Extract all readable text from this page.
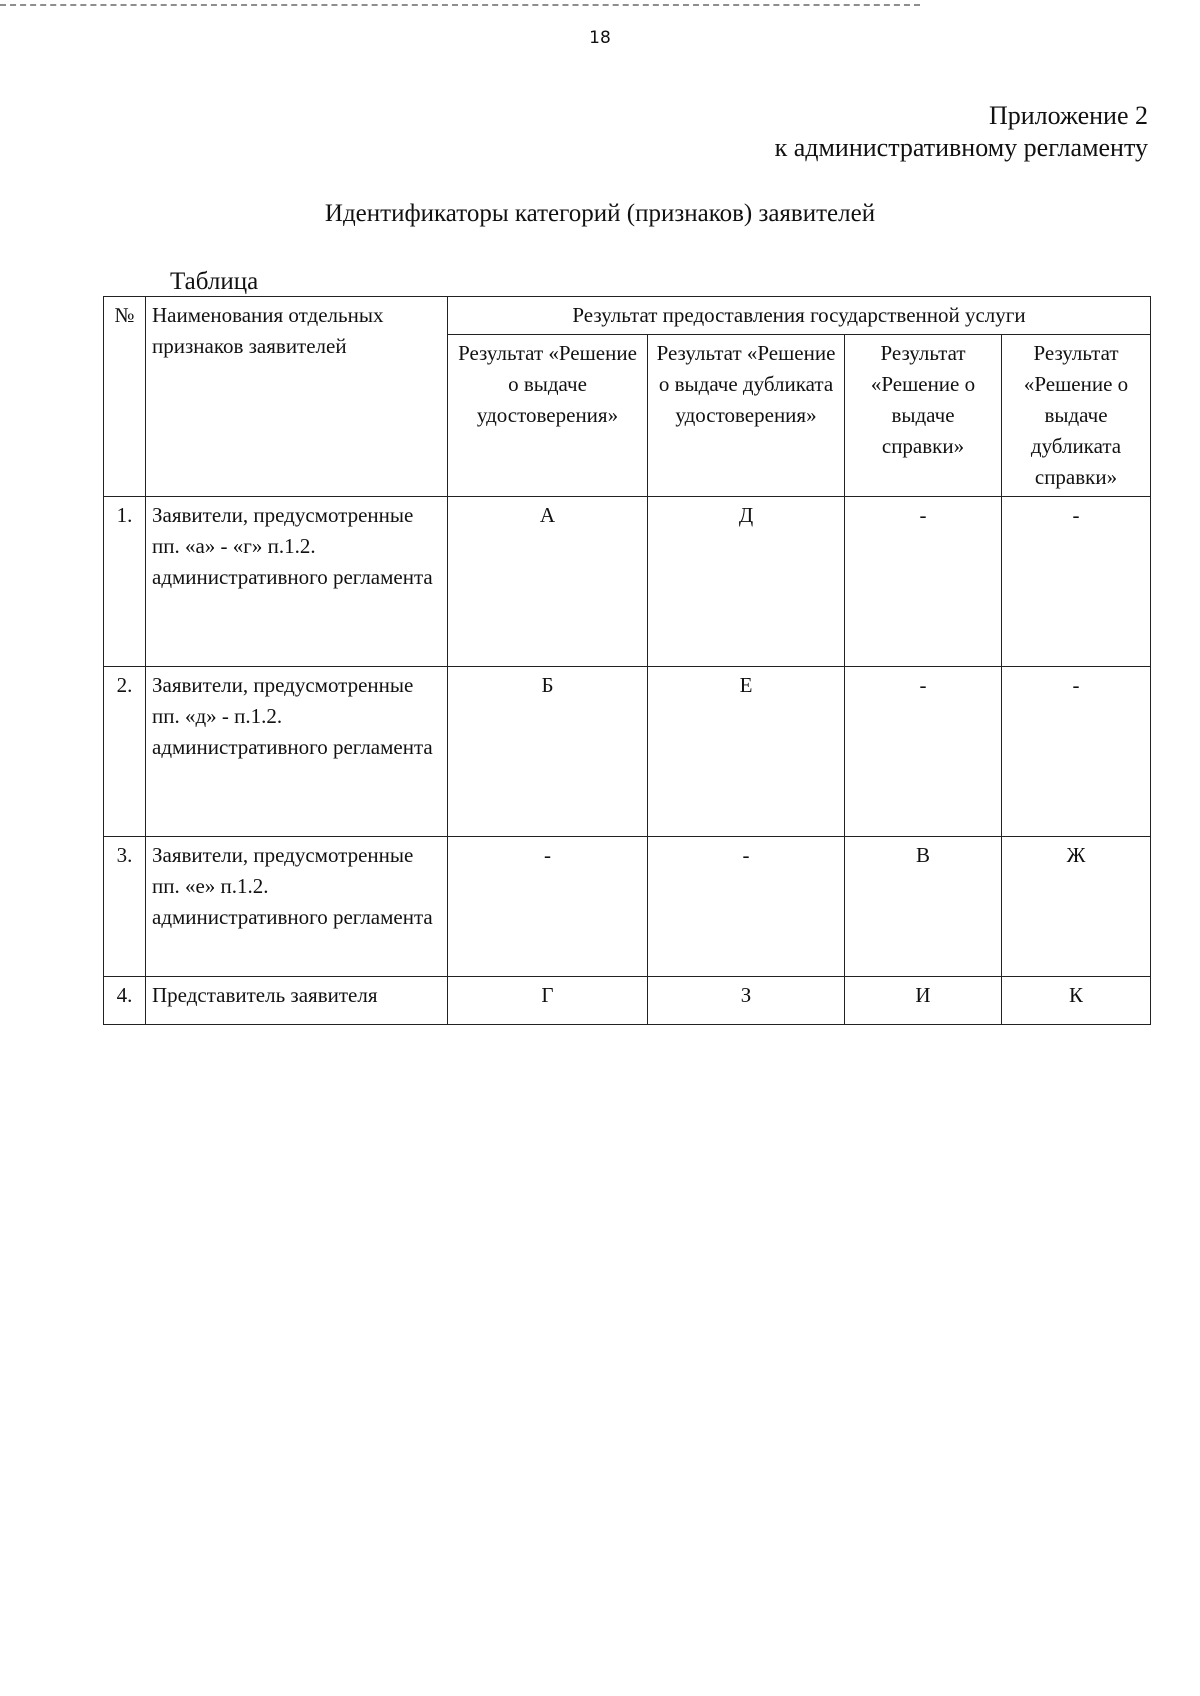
18
Приложение 2
к административному регламенту
Идентификаторы категорий (признаков) заявителей
Таблица
№	Наименования отдельных признаков заявителей	Результат предоставления государственной услуги			
		Результат «Решение о выдаче удостоверения»	Результат «Решение о выдаче дубликата удостоверения»	Результат «Решение о выдаче справки»	Результат «Решение о выдаче дубликата справки»
1.	Заявители, предусмотренные пп. «а» - «г» п.1.2. административного регламента	А	Д	-	-
2.	Заявители, предусмотренные пп. «д» - п.1.2. административного регламента	Б	Е	-	-
3.	Заявители, предусмотренные пп. «е» п.1.2. административного регламента	-	-	В	Ж
4.	Представитель заявителя	Г	З	И	К
